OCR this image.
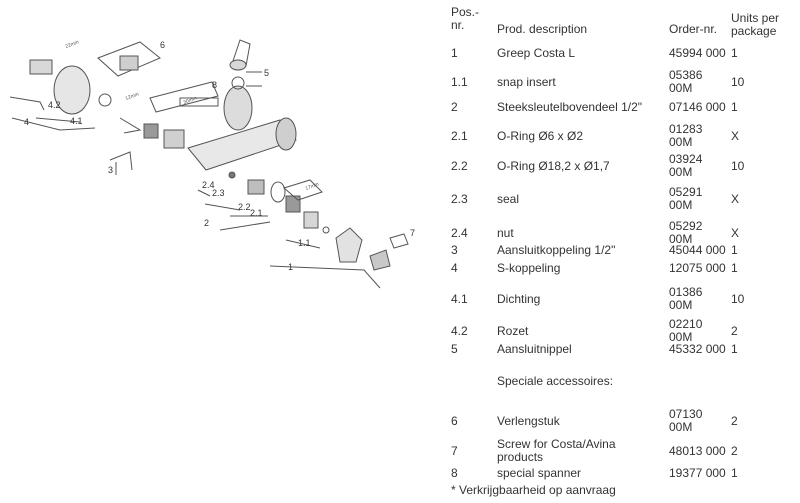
6
8
5
4
4.2
4.1
3
2.4
2.3
2.2
2.1
2
1.1
1
7
22mm
12mm	30mm
17mm
Pos.-
nr.	Prod. description	Order-nr.
Units per
package
1	Greep Costa L	45994 000 1
1.1	snap insert	05386
00M	10
2	Steeksleutelbovendeel 1/2"	07146 000 1
2.1	O-Ring Ø6 x Ø2	01283
00M	X
2.2	O-Ring Ø18,2 x Ø1,7	03924
00M	10
2.3	seal	05291
00M	X
2.4	nut	05292
00M	X
3	Aansluitkoppeling 1/2"	45044 000 1
4	S-koppeling	12075 000 1
4.1	Dichting	01386
00M	10
4.2	Rozet	02210
00M	2
5	Aansluitnippel	45332 000 1
Speciale accessoires:
6	Verlengstuk	07130
00M	2
7	Screw for Costa/Avina
products	48013 000 2
8	special spanner	19377 000 1
* Verkrijgbaarheid op aanvraag
